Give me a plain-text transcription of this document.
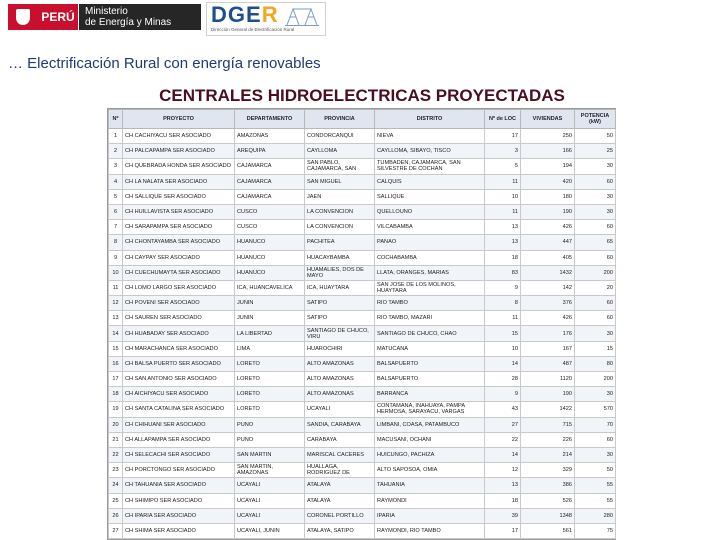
PERÚ	Ministerio
de Energía y Minas	DGER
Dirección General de Electrificación Rural
… Electrificación Rural con energía renovables
CENTRALES HIDROELECTRICAS PROYECTADAS
Nº	PROYECTO	DEPARTAMENTO	PROVINCIA	DISTRITO	Nº de LOC	VIVIENDAS	POTENCIA (kW)
1	CH CACHIYACU SER ASOCIADO	AMAZONAS	CONDORCANQUI	NIEVA	17	250	50
2	CH PALCAPAMPA SER ASOCIADO	AREQUIPA	CAYLLOMA	CAYLLOMA, SIBAYO, TISCO	3	166	25
3	CH QUEBRADA HONDA SER ASOCIADO	CAJAMARCA	SAN PABLO, CAJAMARCA, SAN	TUMBADEN, CAJAMARCA, SAN SILVESTRE DE COCHAN	5	194	30
4	CH LA NALATA SER ASOCIADO	CAJAMARCA	SAN MIGUEL	CALQUIS	11	420	60
5	CH SALLIQUE SER ASOCIADO	CAJAMARCA	JAEN	SALLIQUE	10	180	30
6	CH HUILLAVISTA SER ASOCIADO	CUSCO	LA CONVENCION	QUELLOUNO	11	190	30
7	CH SARAPAMPA SER ASOCIADO	CUSCO	LA CONVENCION	VILCABAMBA	13	426	60
8	CH CHONTAYAMBA SER ASOCIADO	HUANUCO	PACHITEA	PANAO	13	447	65
9	CH CAYPAY SER ASOCIADO	HUANUCO	HUACAYBAMBA	COCHABAMBA	18	405	60
10	CH CUECHUMAYTA SER ASOCIADO	HUANUCO	HUAMALIES, DOS DE MAYO	LLATA, ORANGES, MARIAS	83	1432	200
11	CH LOMO LARGO SER ASOCIADO	ICA, HUANCAVELICA	ICA, HUAYTARA	SAN JOSE DE LOS MOLINOS, HUAYTARA	9	142	20
12	CH POVENI SER ASOCIADO	JUNIN	SATIPO	RIO TAMBO	8	376	60
13	CH SAUREN SER ASOCIADO	JUNIN	SATIPO	RIO TAMBO, MAZARI	11	426	60
14	CH HUABADAY SER ASOCIADO	LA LIBERTAD	SANTIAGO DE CHUCO, VIRU	SANTIAGO DE CHUCO, CHAO	15	176	30
15	CH MARACHANCA SER ASOCIADO	LIMA	HUAROCHIRI	MATUCANA	10	167	15
16	CH BALSA PUERTO SER ASOCIADO	LORETO	ALTO AMAZONAS	BALSAPUERTO	14	487	80
17	CH SAN ANTONIO SER ASOCIADO	LORETO	ALTO AMAZONAS	BALSAPUERTO	28	1120	200
18	CH AICHIYACU SER ASOCIADO	LORETO	ALTO AMAZONAS	BARRANCA	9	190	30
19	CH SANTA CATALINA SER ASOCIADO	LORETO	UCAYALI	CONTAMANA, INAHUAYA, PAMPA HERMOSA, SARAYACU, VARGAS	43	1422	570
20	CH CHIHUANI SER ASOCIADO	PUNO	SANDIA, CARABAYA	LIMBANI, COASA, PATAMBUCO	27	715	70
21	CH ALLAPAMPA SER ASOCIADO	PUNO	CARABAYA	MACUSANI, OCHANI	22	226	60
22	CH SELECACHI SER ASOCIADO	SAN MARTIN	MARISCAL CACERES	HUICUNGO, PACHIZA	14	214	30
23	CH PORCTONGO SER ASOCIADO	SAN MARTIN, AMAZONAS	HUALLAGA, RODRIGUEZ DE	ALTO SAPOSOA, OMIA	12	329	50
24	CH TAHUANIA SER ASOCIADO	UCAYALI	ATALAYA	TAHUANIA	13	386	55
25	CH SHIMIPO SER ASOCIADO	UCAYALI	ATALAYA	RAYMONDI	18	526	55
26	CH IPARIA SER ASOCIADO	UCAYALI	CORONEL PORTILLO	IPARIA	39	1348	280
27	CH SHIMA SER ASOCIADO	UCAYALI, JUNIN	ATALAYA, SATIPO	RAYMONDI, RIO TAMBO	17	561	75
